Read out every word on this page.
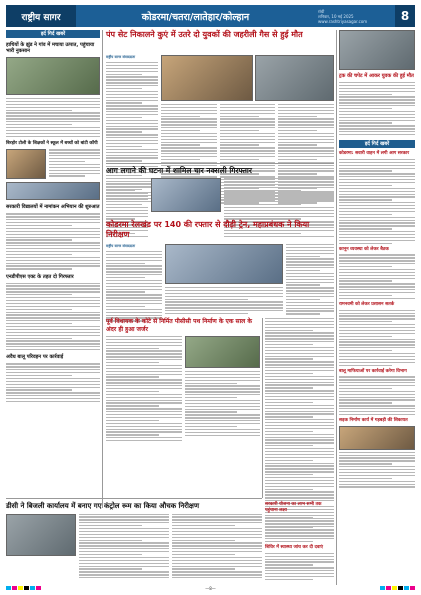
राष्ट्रीय सागर	कोडरमा/चतरा/लातेहार/कोल्हान
रांची
शनिवार, 10 मई 2025
www.rashtriyasagar.com	8
इर्द गिर्द खबरें
हाथियों के झुंड ने गांव में मचाया उत्पात, पहुंचाया भारी नुकसान
बिरहोर टोली के शिक्षकों ने स्कूल में बच्चों को बांटी कॉपी
सरकारी विद्यालयों में नामांकन अभियान की शुरुआत
एनडीपीएस एक्ट के तहत दो गिरफ्तार
अवैध बालू परिवहन पर कार्रवाई
पंप सेट निकालने कुएं में उतरे दो युवकों की जहरीली गैस से हुई मौत
राष्ट्रीय सागर संवाददाता
ट्रक की चपेट में आकर युवक की हुई मौत
इर्द गिर्द खबरें
कोडरमा: सवारी वाहन में लगी आग सरकार
कानून व्यवस्था को लेकर बैठक
रामनवमी को लेकर प्रशासन सतर्क
बालू माफियाओं पर कार्रवाई करेगा विभाग
सड़क निर्माण कार्य में गड़बड़ी की शिकायत
आग लगाने की घटना में शामिल चार नक्सली गिरफ्तार
कोडरमा रेलखंड पर 140 की रफ्तार से दौड़ी ट्रेन, महाप्रबंधक ने किया निरीक्षण
राष्ट्रीय सागर संवाददाता
पूर्व विधायक के कोटे से निर्मित पीसीसी पथ निर्माण के एक साल के अंदर ही हुआ जर्जर
डीसी ने बिजली कार्यालय में बनाए गए कंट्रोल रूम का किया औचक निरीक्षण	सरकारी योजना का लाभ सभी तक पहुंचाना लक्ष्य
शिविर में स्वास्थ्य जांच कर दी दवाएं
—8—
